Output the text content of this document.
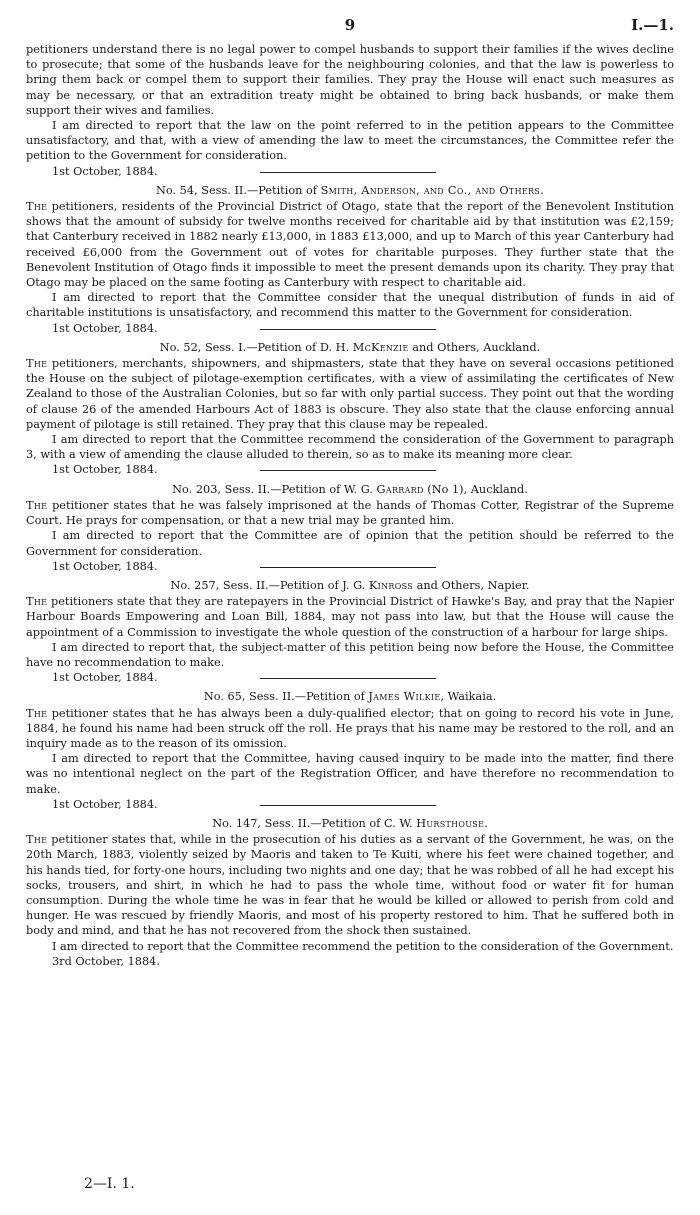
9	I.—1.

petitioners understand there is no legal power to compel husbands to support their families if the wives decline to prosecute; that some of the husbands leave for the neighbouring colonies, and that the law is powerless to bring them back or compel them to support their families. They pray the House will enact such measures as may be necessary, or that an extradition treaty might be obtained to bring back husbands, or make them support their wives and families.

I am directed to report that the law on the point referred to in the petition appears to the Committee unsatisfactory, and that, with a view of amending the law to meet the circumstances, the Committee refer the petition to the Government for consideration.

1st October, 1884.

No. 54, Sess. II.—Petition of Smith, Anderson, and Co., and Others.

The petitioners, residents of the Provincial District of Otago, state that the report of the Benevolent Institution shows that the amount of subsidy for twelve months received for charitable aid by that institution was £2,159; that Canterbury received in 1882 nearly £13,000, in 1883 £13,000, and up to March of this year Canterbury had received £6,000 from the Government out of votes for charitable purposes. They further state that the Benevolent Institution of Otago finds it impossible to meet the present demands upon its charity. They pray that Otago may be placed on the same footing as Canterbury with respect to charitable aid.

I am directed to report that the Committee consider that the unequal distribution of funds in aid of charitable institutions is unsatisfactory, and recommend this matter to the Government for consideration.

1st October, 1884.

No. 52, Sess. I.—Petition of D. H. McKenzie and Others, Auckland.

The petitioners, merchants, shipowners, and shipmasters, state that they have on several occasions petitioned the House on the subject of pilotage-exemption certificates, with a view of assimilating the certificates of New Zealand to those of the Australian Colonies, but so far with only partial success. They point out that the wording of clause 26 of the amended Harbours Act of 1883 is obscure. They also state that the clause enforcing annual payment of pilotage is still retained. They pray that this clause may be repealed.

I am directed to report that the Committee recommend the consideration of the Government to paragraph 3, with a view of amending the clause alluded to therein, so as to make its meaning more clear.

1st October, 1884.

No. 203, Sess. II.—Petition of W. G. Garrard (No 1), Auckland.

The petitioner states that he was falsely imprisoned at the hands of Thomas Cotter, Registrar of the Supreme Court. He prays for compensation, or that a new trial may be granted him.

I am directed to report that the Committee are of opinion that the petition should be referred to the Government for consideration.

1st October, 1884.

No. 257, Sess. II.—Petition of J. G. Kinross and Others, Napier.

The petitioners state that they are ratepayers in the Provincial District of Hawke's Bay, and pray that the Napier Harbour Boards Empowering and Loan Bill, 1884, may not pass into law, but that the House will cause the appointment of a Commission to investigate the whole question of the construction of a harbour for large ships.

I am directed to report that, the subject-matter of this petition being now before the House, the Committee have no recommendation to make.

1st October, 1884.

No. 65, Sess. II.—Petition of James Wilkie, Waikaia.

The petitioner states that he has always been a duly-qualified elector; that on going to record his vote in June, 1884, he found his name had been struck off the roll. He prays that his name may be restored to the roll, and an inquiry made as to the reason of its omission.

I am directed to report that the Committee, having caused inquiry to be made into the matter, find there was no intentional neglect on the part of the Registration Officer, and have therefore no recommendation to make.

1st October, 1884.

No. 147, Sess. II.—Petition of C. W. Hursthouse.

The petitioner states that, while in the prosecution of his duties as a servant of the Government, he was, on the 20th March, 1883, violently seized by Maoris and taken to Te Kuiti, where his feet were chained together, and his hands tied, for forty-one hours, including two nights and one day; that he was robbed of all he had except his socks, trousers, and shirt, in which he had to pass the whole time, without food or water fit for human consumption. During the whole time he was in fear that he would be killed or allowed to perish from cold and hunger. He was rescued by friendly Maoris, and most of his property restored to him. That he suffered both in body and mind, and that he has not recovered from the shock then sustained.

I am directed to report that the Committee recommend the petition to the consideration of the Government.

3rd October, 1884.
2—I. 1.
